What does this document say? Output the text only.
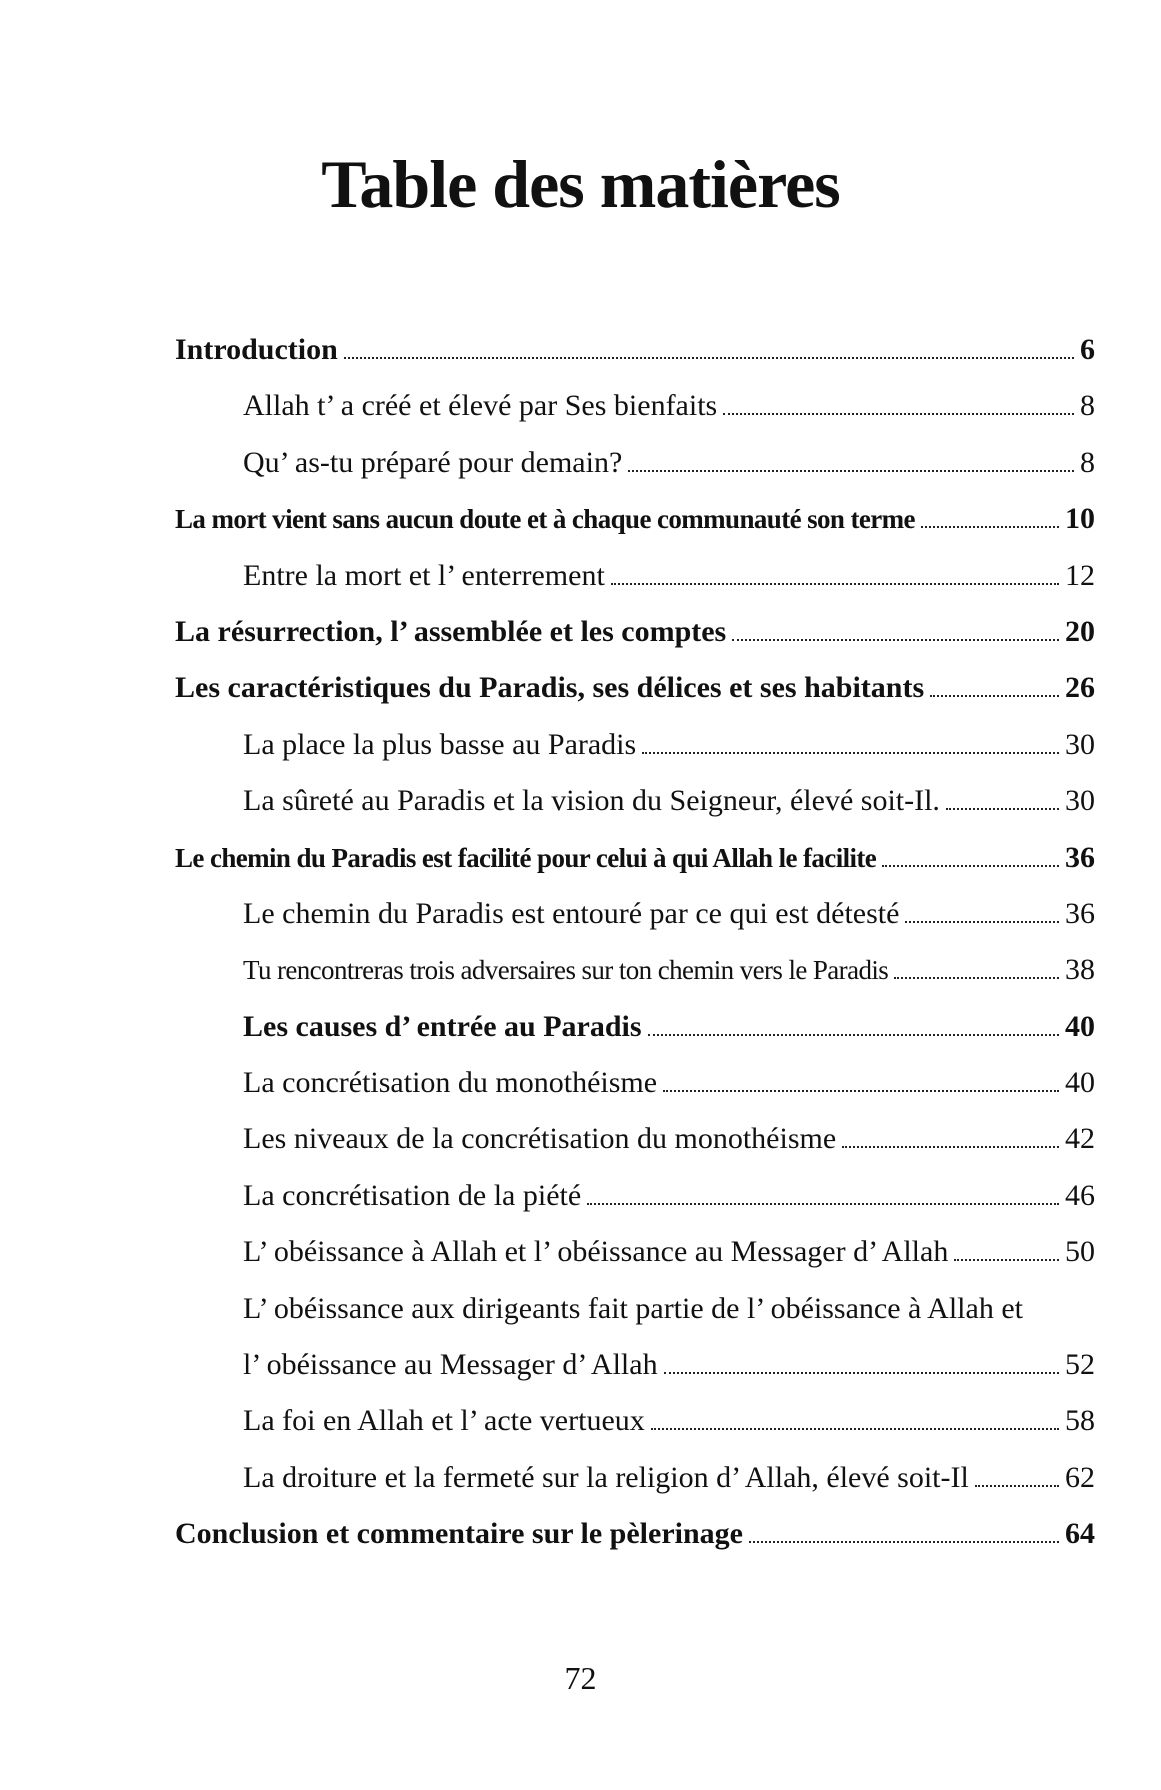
Table des matières
Introduction	6
Allah t’ a créé et élevé par Ses bienfaits	8
Qu’ as-tu préparé pour demain?	8
La mort vient sans aucun doute et à chaque communauté son terme	10
Entre la mort et l’ enterrement	12
La résurrection, l’ assemblée et les comptes	20
Les caractéristiques du Paradis, ses délices et ses habitants	26
La place la plus basse au Paradis	30
La sûreté au Paradis et la vision du Seigneur, élevé soit-Il.	30
Le chemin du Paradis est facilité pour celui à qui Allah le facilite	36
Le chemin du Paradis est entouré par ce qui est détesté	36
Tu rencontreras trois adversaires sur ton chemin vers le Paradis	38
Les causes d’ entrée au Paradis	40
La concrétisation du monothéisme	40
Les niveaux de la concrétisation du monothéisme	42
La concrétisation de la piété	46
L’ obéissance à Allah et l’ obéissance au Messager d’ Allah	50
L’ obéissance aux dirigeants fait partie de l’ obéissance à Allah et
l’ obéissance au Messager d’ Allah	52
La foi en Allah et l’ acte vertueux	58
La droiture et la fermeté sur la religion d’ Allah, élevé soit-Il	62
Conclusion et commentaire sur le pèlerinage	64
72
